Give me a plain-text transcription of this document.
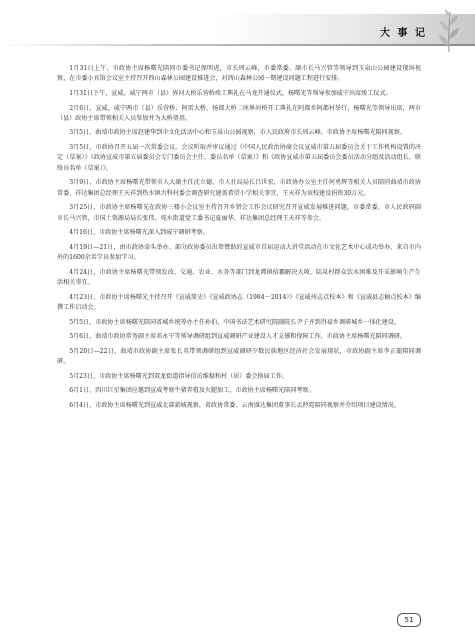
大 事 记

1月31日上午，市政协主席杨曙光陪同市委书记保明虎，市长周云峰，市委常委、副市长马兴管等领导到玉泉山公园建设现场视察，在市委小宾馆会议室主持召开西山森林公园建设推进会，对西山森林公园一期建设问题工程进行安排。

1月31日下午，宣威、威宁两市（县）界河大桥乐营桥竣工典礼在马龙开通仪式，杨曙光等领导参加威宁出席竣工仪式。

2月6日，宣威、威宁两市（县）乐营桥、阿雷大桥、扬郎大桥二座界河桥开工典礼在阿都乡阿都村举行，杨曙光等领导出席，两市（县）政协主席带领相关人员参加并为大桥奠基。

3月5日，曲靖市政协主席赵建华到市文化活动中心和玉泉山公园视察，市人民政府市长周云峰、市政协主席杨曙光陪同视察。

3月5日，市政协召开五届一次常委会议。会议听取并审议通过《中国人民政治协商会议宣威市第五届委员会关于工作机构设置的决定（草案）》《政协宣威市第五届委员会专门委员会主任、委员名单（草案）》和《政协宣威市第五届委员会委员活动分组及活动组长、联络员名单（草案）》。

3月9日，市政协主席杨曙光带领市人大副主任沈立德，市人社局局长吕世宏，市政协办公室主任何勇辉等相关人员陪同曲靖市政协常委、祥达集团总经理王天祥到热水镇古科村委会调查研究建盖希望小学相关事宜，王天祥为该校建设捐资30万元。

3月25日，市政协主席杨曙光在政协三楼小会议室主持召开乡贤会工作会议研究召开宣威发展推进问题，市委常委、市人民政府副市长马兴管，市国土资源局局长张伟、宛水街道党工委书记夏丽华，祥达集团总经理王天祥等参会。

4月16日，市政协主席杨曙光深入到威宁调研考察。

4月19日—21日，由市政协牵头举办、部分政协委员出资赞助的宣威市首届运动大讲堂活动在市文化艺术中心成功举办，来自市内外的1600余名学员参加学习。

4月24日，市政协主席杨曙光带领发改、交通、农业、水务等部门到龙潭镇拾霸解决大坡、陆泉村群众饮水困难及开采影响生产生活相关事宜。

4月23日，市政协主席杨曙光主持召开《宣威简史》《宣威政协志（1984～2014）》《宣威州志点校本》和《宣威县志稿点校本》编撰工作启动会。

5月5日，市政协主席杨曙光陪同省城乡统筹办主任孙伯、中国书法艺术研究院副院长尹子齐到得禄乡调研城乡一体化建设。

5月6日，曲靖市政协常务副主席邓永宁等领导调研组到宣威调研产业建设人才支撑和保障工作，市政协主席杨曙光陪同调研。

5月20日—22日，曲靖市政协副主席张长英带领调研组到宣威调研少数民族地区经济社会发展现状，市政协副主席李正聪陪同调研。

5月23日，市政协主席杨曙光到双龙街道指导信访维稳和村（居）委会换届工作。

6月1日，四川巨星集团应邀到宣威考察牛猪养殖及火腿加工，市政协主席杨曙光陪同考察。

6月4日，市政协主席杨曙光到宣威北部新城视察，省政协常委、云南盛达集团董事长孟矜霓陪同视察并介绍项目建设情况。

51
